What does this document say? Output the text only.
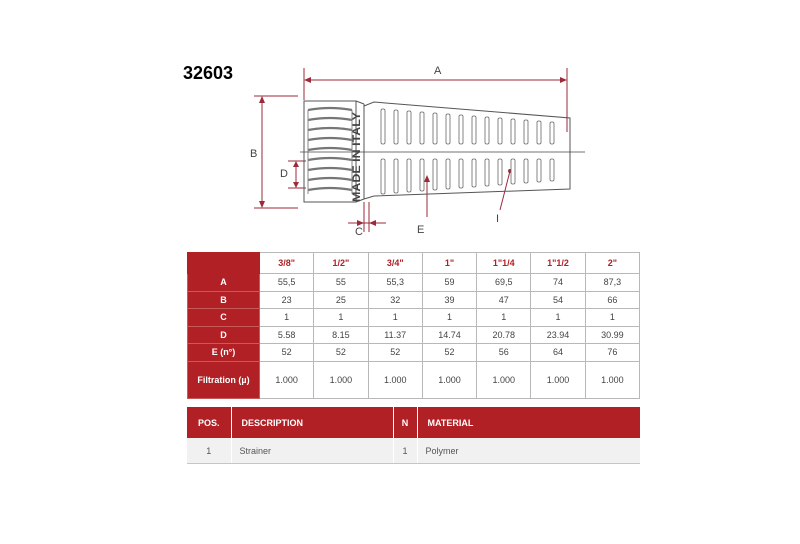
32603
MADE IN ITALY
A
B
D
C	E
I
	3/8"	1/2"	3/4"	1"	1"1/4	1"1/2	2"
A	55,5	55	55,3	59	69,5	74	87,3
B	23	25	32	39	47	54	66
C	1	1	1	1	1	1	1
D	5.58	8.15	11.37	14.74	20.78	23.94	30.99
E (n°)	52	52	52	52	56	64	76
Filtration (µ)	1.000	1.000	1.000	1.000	1.000	1.000	1.000
POS.	DESCRIPTION	N	MATERIAL
1	Strainer	1	Polymer
